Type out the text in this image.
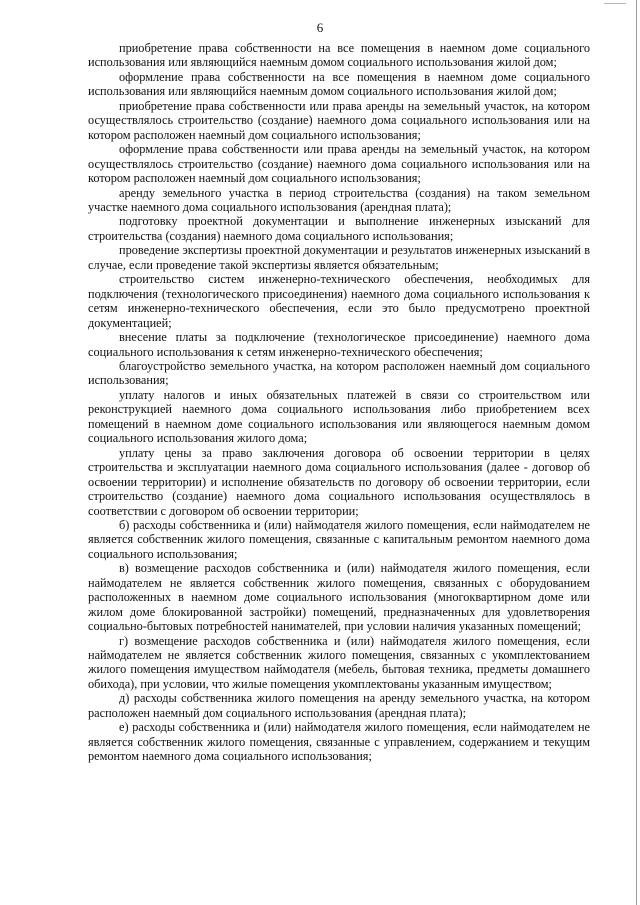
6

приобретение права собственности на все помещения в наемном доме социального использования или являющийся наемным домом социального использования жилой дом;

оформление права собственности на все помещения в наемном доме социального использования или являющийся наемным домом социального использования жилой дом;

приобретение права собственности или права аренды на земельный участок, на котором осуществлялось строительство (создание) наемного дома социального использования или на котором расположен наемный дом социального использования;

оформление права собственности или права аренды на земельный участок, на котором осуществлялось строительство (создание) наемного дома социального использования или на котором расположен наемный дом социального использования;

аренду земельного участка в период строительства (создания) на таком земельном участке наемного дома социального использования (арендная плата);

подготовку проектной документации и выполнение инженерных изысканий для строительства (создания) наемного дома социального использования;

проведение экспертизы проектной документации и результатов инженерных изысканий в случае, если проведение такой экспертизы является обязательным;

строительство систем инженерно-технического обеспечения, необходимых для подключения (технологического присоединения) наемного дома социального использования к сетям инженерно-технического обеспечения, если это было предусмотрено проектной документацией;

внесение платы за подключение (технологическое присоединение) наемного дома социального использования к сетям инженерно-технического обеспечения;

благоустройство земельного участка, на котором расположен наемный дом социального использования;

уплату налогов и иных обязательных платежей в связи со строительством или реконструкцией наемного дома социального использования либо приобретением всех помещений в наемном доме социального использования или являющегося наемным домом социального использования жилого дома;

уплату цены за право заключения договора об освоении территории в целях строительства и эксплуатации наемного дома социального использования (далее - договор об освоении территории) и исполнение обязательств по договору об освоении территории, если строительство (создание) наемного дома социального использования осуществлялось в соответствии с договором об освоении территории;

б) расходы собственника и (или) наймодателя жилого помещения, если наймодателем не является собственник жилого помещения, связанные с капитальным ремонтом наемного дома социального использования;

в) возмещение расходов собственника и (или) наймодателя жилого помещения, если наймодателем не является собственник жилого помещения, связанных с оборудованием расположенных в наемном доме социального использования (многоквартирном доме или жилом доме блокированной застройки) помещений, предназначенных для удовлетворения социально-бытовых потребностей нанимателей, при условии наличия указанных помещений;

г) возмещение расходов собственника и (или) наймодателя жилого помещения, если наймодателем не является собственник жилого помещения, связанных с укомплектованием жилого помещения имуществом наймодателя (мебель, бытовая техника, предметы домашнего обихода), при условии, что жилые помещения укомплектованы указанным имуществом;

д) расходы собственника жилого помещения на аренду земельного участка, на котором расположен наемный дом социального использования (арендная плата);

е) расходы собственника и (или) наймодателя жилого помещения, если наймодателем не является собственник жилого помещения, связанные с управлением, содержанием и текущим ремонтом наемного дома социального использования;
